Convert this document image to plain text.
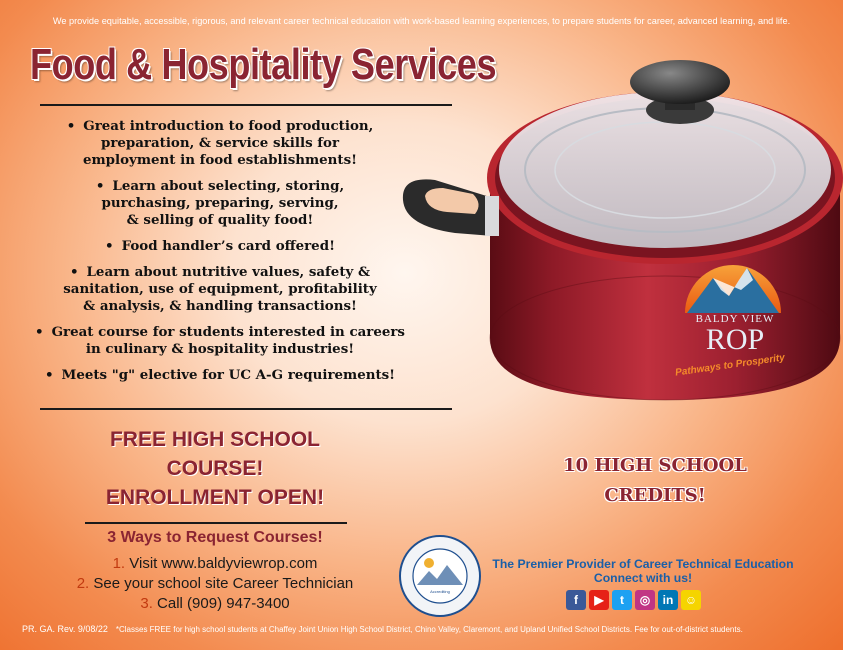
We provide equitable, accessible, rigorous, and relevant career technical education with work-based learning experiences, to prepare students for career, advanced learning, and life.
Food & Hospitality Services
BALDY VIEW
ROP
Pathways to Prosperity
• Great introduction to food production,
preparation, & service skills for
employment in food establishments!
• Learn about selecting, storing,
purchasing, preparing, serving,
& selling of quality food!
• Food handler’s card offered!
• Learn about nutritive values, safety &
sanitation, use of equipment, profitability
& analysis, & handling transactions!
• Great course for students interested in careers
in culinary & hospitality industries!
• Meets "g" elective for UC A-G requirements!
FREE HIGH SCHOOL
COURSE!
ENROLLMENT OPEN!
10 HIGH SCHOOL
CREDITS!
3 Ways to Request Courses!
1. Visit www.baldyviewrop.com
2. See your school site Career Technician
3. Call (909) 947-3400
Accrediting
The Premier Provider of Career Technical Education
Connect with us!
f	▶	t	◎	in ☺
PR. GA. Rev. 9/08/22 *Classes FREE for high school students at Chaffey Joint Union High School District, Chino Valley, Claremont, and Upland Unified School Districts. Fee for out-of-district students.
